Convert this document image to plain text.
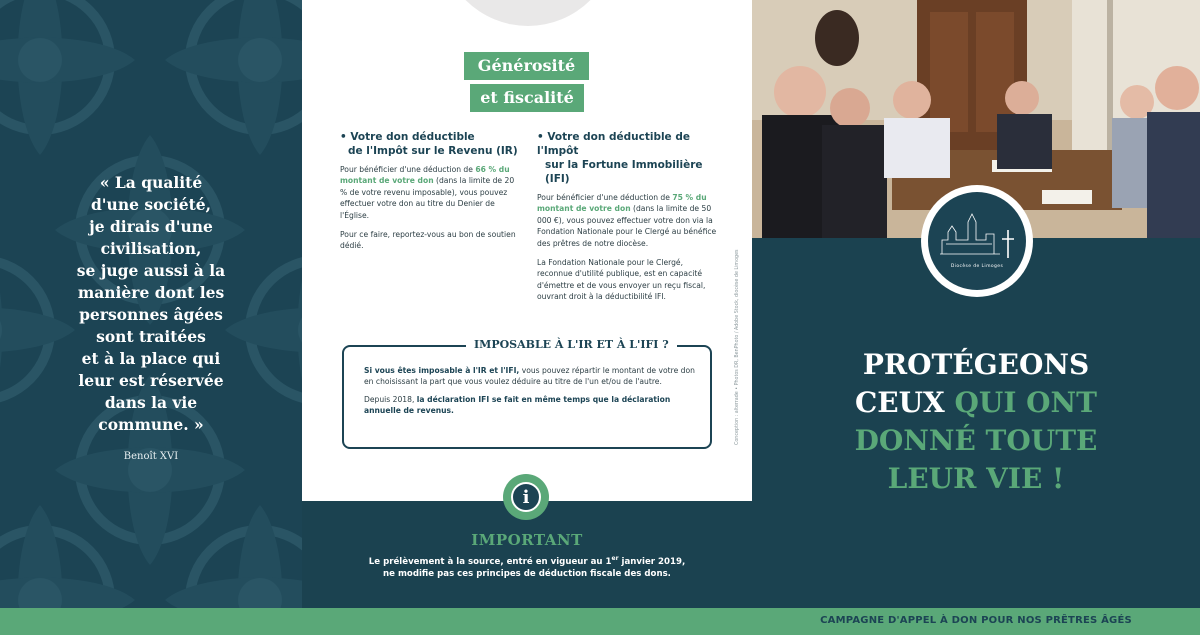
« La qualité
d'une société,
je dirais d'une
civilisation,
se juge aussi à la
manière dont les
personnes âgées
sont traitées
et à la place qui
leur est réservée
dans la vie
commune. »
Benoît XVI
Générosité
et fiscalité
• Votre don déductible
de l'Impôt sur le Revenu (IR)

Pour bénéficier d'une déduction de 66 % du montant de votre don (dans la limite de 20 % de votre revenu imposable), vous pouvez effectuer votre don au titre du Denier de l'Église.

Pour ce faire, reportez-vous au bon de soutien dédié.

• Votre don déductible de l'Impôt
sur la Fortune Immobilière (IFI)

Pour bénéficier d'une déduction de 75 % du montant de votre don (dans la limite de 50 000 €), vous pouvez effectuer votre don via la Fondation Nationale pour le Clergé au bénéfice des prêtres de notre diocèse.

La Fondation Nationale pour le Clergé, reconnue d'utilité publique, est en capacité d'émettre et de vous envoyer un reçu fiscal, ouvrant droit à la déductibilité IFI.	Conception : alterrade • Photos DR, BenPhoto / Adobe Stock, diocèse de Limoges
IMPOSABLE À L'IR ET À L'IFI ?

Si vous êtes imposable à l'IR et l'IFI, vous pouvez répartir le montant de votre don en choisissant la part que vous voulez déduire au titre de l'un et/ou de l'autre.

Depuis 2018, la déclaration IFI se fait en même temps que la déclaration annuelle de revenus.

i
IMPORTANT
Le prélèvement à la source, entré en vigueur au 1er janvier 2019,
ne modifie pas ces principes de déduction fiscale des dons.
Diocèse de Limoges
PROTÉGEONS
CEUX QUI ONT
DONNÉ TOUTE
LEUR VIE !
CAMPAGNE D'APPEL À DON POUR NOS PRÊTRES ÂGÉS
